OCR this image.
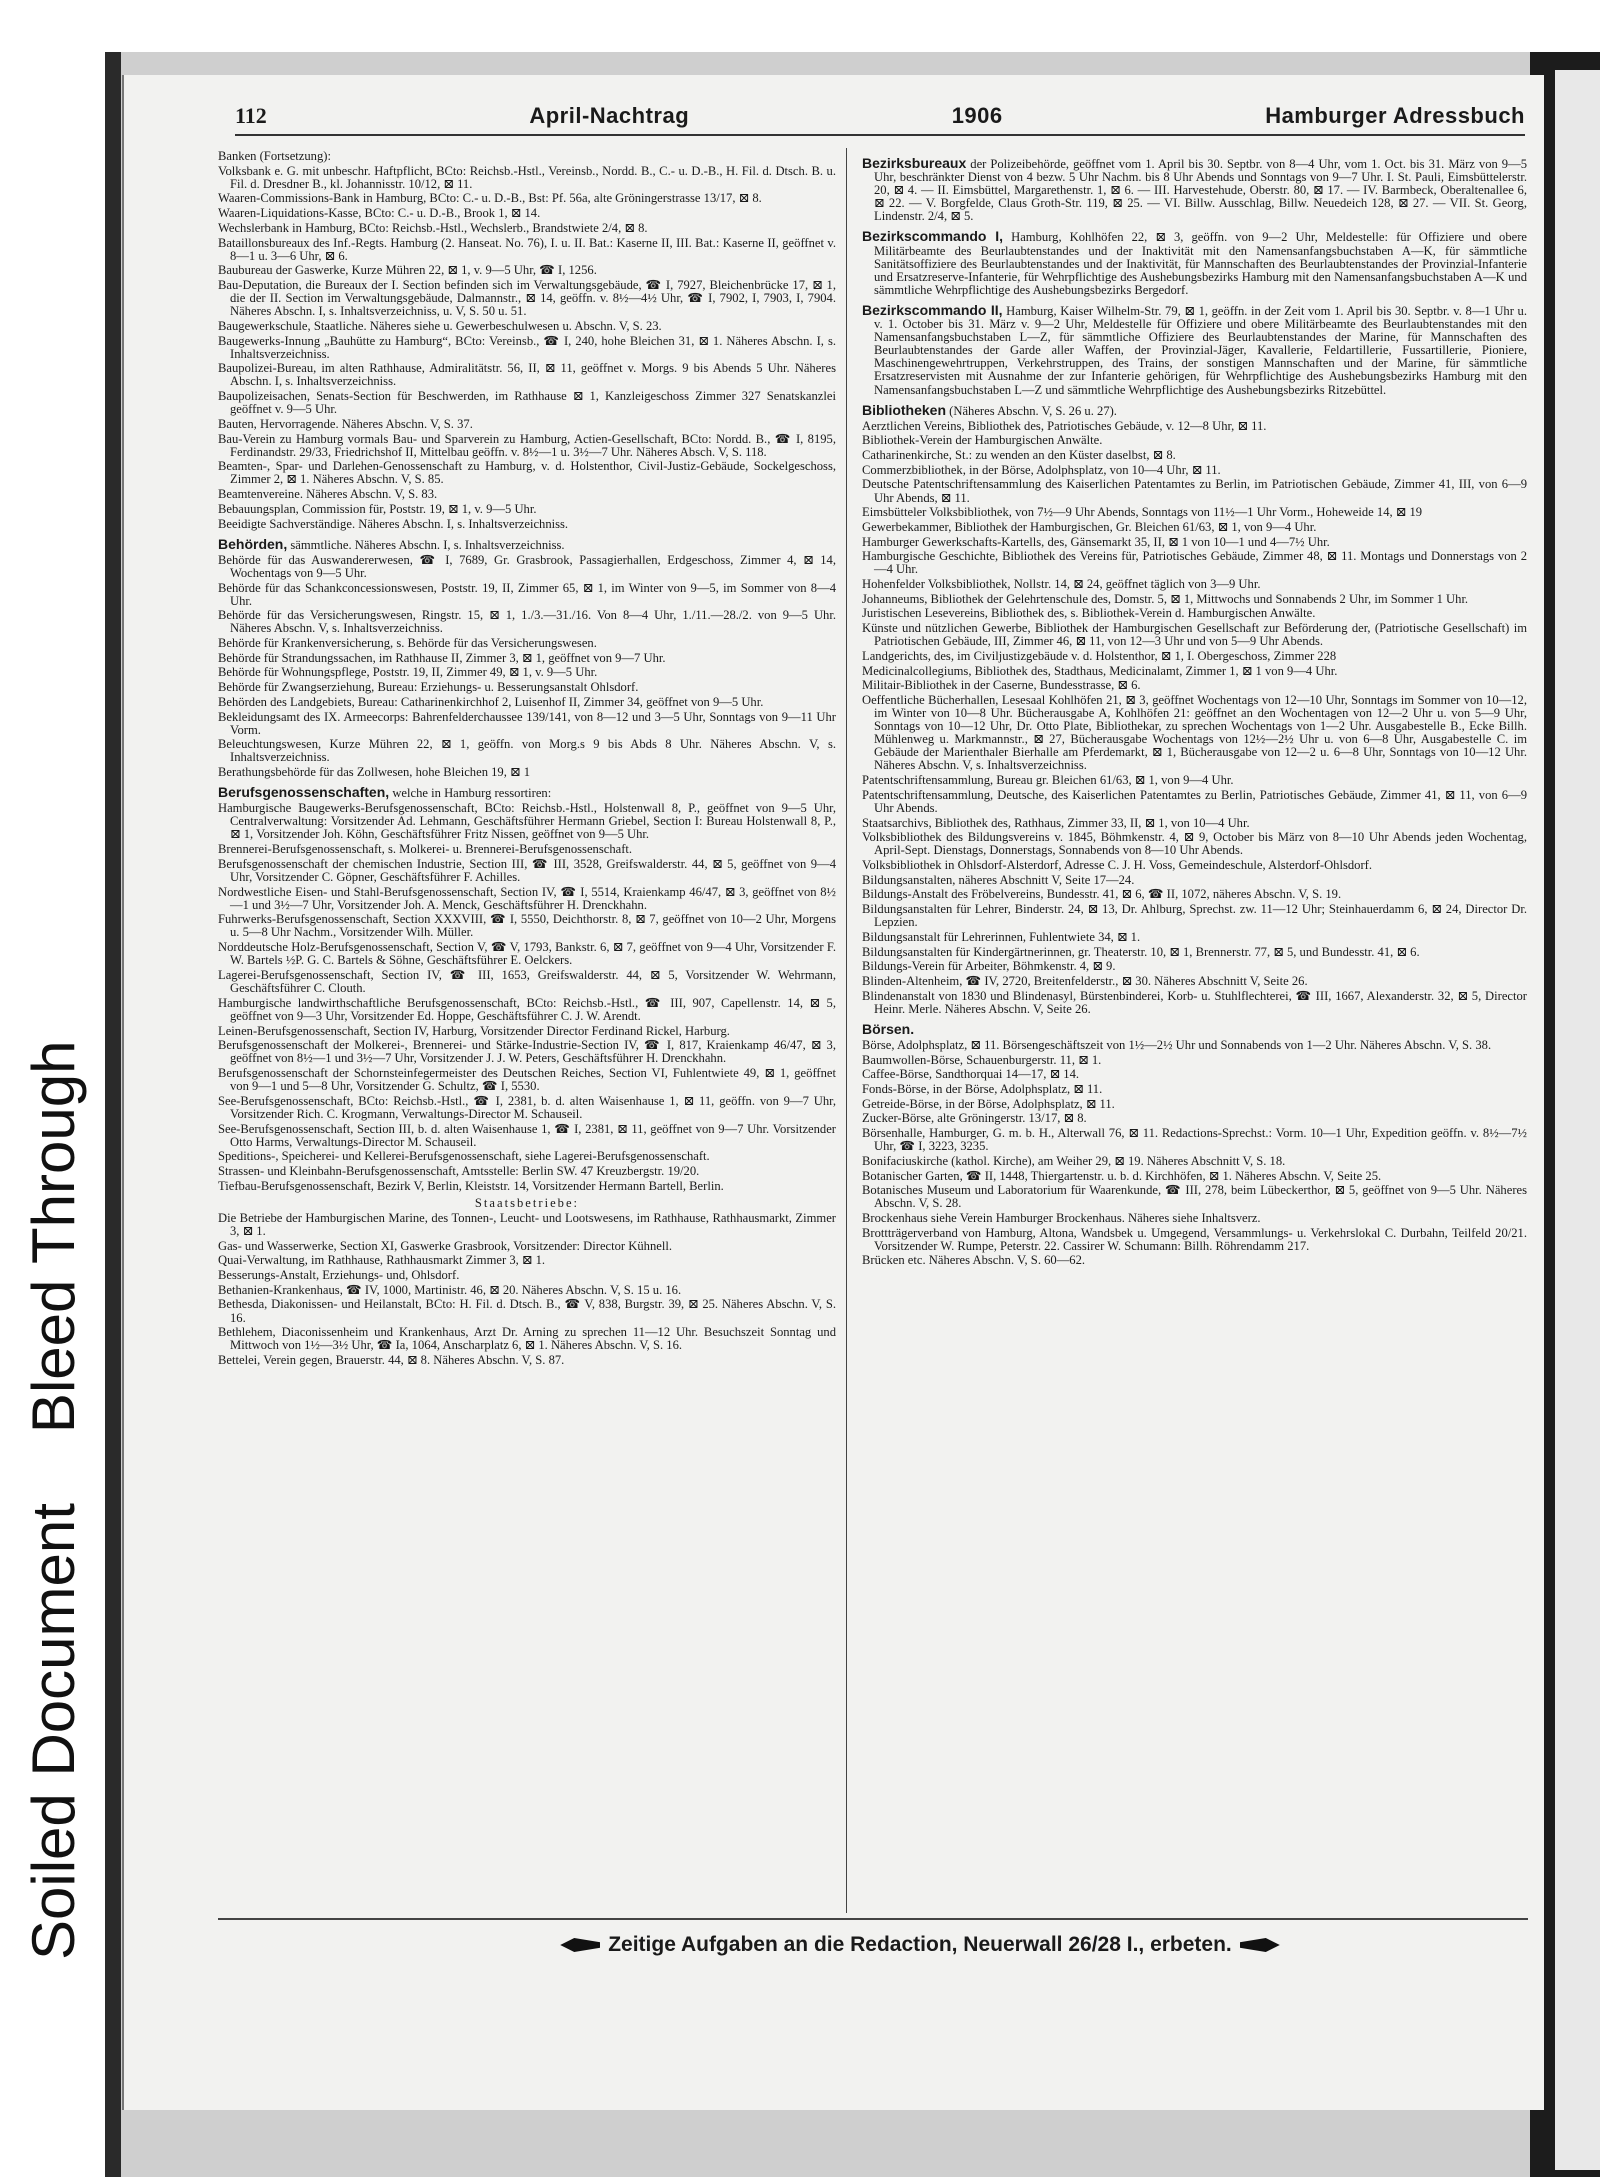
Soiled DocumentBleed Through
112	April-Nachtrag	1906	Hamburger Adressbuch
Banken (Fortsetzung):
Volksbank e. G. mit unbeschr. Haftpflicht, BCto: Reichsb.-Hstl., Vereinsb., Nordd. B., C.- u. D.-B., H. Fil. d. Dtsch. B. u. Fil. d. Dresdner B., kl. Johannisstr. 10/12, ⊠ 11.
Waaren-Commissions-Bank in Hamburg, BCto: C.- u. D.-B., Bst: Pf. 56a, alte Gröningerstrasse 13/17, ⊠ 8.
Waaren-Liquidations-Kasse, BCto: C.- u. D.-B., Brook 1, ⊠ 14.
Wechslerbank in Hamburg, BCto: Reichsb.-Hstl., Wechslerb., Brandstwiete 2/4, ⊠ 8.
Bataillonsbureaux des Inf.-Regts. Hamburg (2. Hanseat. No. 76), I. u. II. Bat.: Kaserne II, III. Bat.: Kaserne II, geöffnet v. 8—1 u. 3—6 Uhr, ⊠ 6.
Baubureau der Gaswerke, Kurze Mühren 22, ⊠ 1, v. 9—5 Uhr, ☎ I, 1256.
Bau-Deputation, die Bureaux der I. Section befinden sich im Verwaltungsgebäude, ☎ I, 7927, Bleichenbrücke 17, ⊠ 1, die der II. Section im Verwaltungsgebäude, Dalmannstr., ⊠ 14, geöffn. v. 8½—4½ Uhr, ☎ I, 7902, I, 7903, I, 7904. Näheres Abschn. I, s. Inhaltsverzeichniss, u. V, S. 50 u. 51.
Baugewerkschule, Staatliche. Näheres siehe u. Gewerbeschulwesen u. Abschn. V, S. 23.
Baugewerks-Innung „Bauhütte zu Hamburg“, BCto: Vereinsb., ☎ I, 240, hohe Bleichen 31, ⊠ 1. Näheres Abschn. I, s. Inhaltsverzeichniss.
Baupolizei-Bureau, im alten Rathhause, Admiralitätstr. 56, II, ⊠ 11, geöffnet v. Morgs. 9 bis Abends 5 Uhr. Näheres Abschn. I, s. Inhaltsverzeichniss.
Baupolizeisachen, Senats-Section für Beschwerden, im Rathhause ⊠ 1, Kanzleigeschoss Zimmer 327 Senatskanzlei geöffnet v. 9—5 Uhr.
Bauten, Hervorragende. Näheres Abschn. V, S. 37.
Bau-Verein zu Hamburg vormals Bau- und Sparverein zu Hamburg, Actien-Gesellschaft, BCto: Nordd. B., ☎ I, 8195, Ferdinandstr. 29/33, Friedrichshof II, Mittelbau geöffn. v. 8½—1 u. 3½—7 Uhr. Näheres Absch. V, S. 118.
Beamten-, Spar- und Darlehen-Genossenschaft zu Hamburg, v. d. Holstenthor, Civil-Justiz-Gebäude, Sockelgeschoss, Zimmer 2, ⊠ 1. Näheres Abschn. V, S. 85.
Beamtenvereine. Näheres Abschn. V, S. 83.
Bebauungsplan, Commission für, Poststr. 19, ⊠ 1, v. 9—5 Uhr.
Beeidigte Sachverständige. Näheres Abschn. I, s. Inhaltsverzeichniss.
Behörden, sämmtliche. Näheres Abschn. I, s. Inhaltsverzeichniss.
Behörde für das Auswandererwesen, ☎ I, 7689, Gr. Grasbrook, Passagierhallen, Erdgeschoss, Zimmer 4, ⊠ 14, Wochentags von 9—5 Uhr.
Behörde für das Schankconcessionswesen, Poststr. 19, II, Zimmer 65, ⊠ 1, im Winter von 9—5, im Sommer von 8—4 Uhr.
Behörde für das Versicherungswesen, Ringstr. 15, ⊠ 1, 1./3.—31./16. Von 8—4 Uhr, 1./11.—28./2. von 9—5 Uhr. Näheres Abschn. V, s. Inhaltsverzeichniss.
Behörde für Krankenversicherung, s. Behörde für das Versicherungswesen.
Behörde für Strandungssachen, im Rathhause II, Zimmer 3, ⊠ 1, geöffnet von 9—7 Uhr.
Behörde für Wohnungspflege, Poststr. 19, II, Zimmer 49, ⊠ 1, v. 9—5 Uhr.
Behörde für Zwangserziehung, Bureau: Erziehungs- u. Besserungsanstalt Ohlsdorf.
Behörden des Landgebiets, Bureau: Catharinenkirchhof 2, Luisenhof II, Zimmer 34, geöffnet von 9—5 Uhr.
Bekleidungsamt des IX. Armeecorps: Bahrenfelderchaussee 139/141, von 8—12 und 3—5 Uhr, Sonntags von 9—11 Uhr Vorm.
Beleuchtungswesen, Kurze Mühren 22, ⊠ 1, geöffn. von Morg.s 9 bis Abds 8 Uhr. Näheres Abschn. V, s. Inhaltsverzeichniss.
Berathungsbehörde für das Zollwesen, hohe Bleichen 19, ⊠ 1
Berufsgenossenschaften, welche in Hamburg ressortiren:
Hamburgische Baugewerks-Berufsgenossenschaft, BCto: Reichsb.-Hstl., Holstenwall 8, P., geöffnet von 9—5 Uhr, Centralverwaltung: Vorsitzender Ad. Lehmann, Geschäftsführer Hermann Griebel, Section I: Bureau Holstenwall 8, P., ⊠ 1, Vorsitzender Joh. Köhn, Geschäftsführer Fritz Nissen, geöffnet von 9—5 Uhr.
Brennerei-Berufsgenossenschaft, s. Molkerei- u. Brennerei-Berufsgenossenschaft.
Berufsgenossenschaft der chemischen Industrie, Section III, ☎ III, 3528, Greifswalderstr. 44, ⊠ 5, geöffnet von 9—4 Uhr, Vorsitzender C. Göpner, Geschäftsführer F. Achilles.
Nordwestliche Eisen- und Stahl-Berufsgenossenschaft, Section IV, ☎ I, 5514, Kraienkamp 46/47, ⊠ 3, geöffnet von 8½—1 und 3½—7 Uhr, Vorsitzender Joh. A. Menck, Geschäftsführer H. Drenckhahn.
Fuhrwerks-Berufsgenossenschaft, Section XXXVIII, ☎ I, 5550, Deichthorstr. 8, ⊠ 7, geöffnet von 10—2 Uhr, Morgens u. 5—8 Uhr Nachm., Vorsitzender Wilh. Müller.
Norddeutsche Holz-Berufsgenossenschaft, Section V, ☎ V, 1793, Bankstr. 6, ⊠ 7, geöffnet von 9—4 Uhr, Vorsitzender F. W. Bartels ½P. G. C. Bartels & Söhne, Geschäftsführer E. Oelckers.
Lagerei-Berufsgenossenschaft, Section IV, ☎ III, 1653, Greifswalderstr. 44, ⊠ 5, Vorsitzender W. Wehrmann, Geschäftsführer C. Clouth.
Hamburgische landwirthschaftliche Berufsgenossenschaft, BCto: Reichsb.-Hstl., ☎ III, 907, Capellenstr. 14, ⊠ 5, geöffnet von 9—3 Uhr, Vorsitzender Ed. Hoppe, Geschäftsführer C. J. W. Arendt.
Leinen-Berufsgenossenschaft, Section IV, Harburg, Vorsitzender Director Ferdinand Rickel, Harburg.
Berufsgenossenschaft der Molkerei-, Brennerei- und Stärke-Industrie-Section IV, ☎ I, 817, Kraienkamp 46/47, ⊠ 3, geöffnet von 8½—1 und 3½—7 Uhr, Vorsitzender J. J. W. Peters, Geschäftsführer H. Drenckhahn.
Berufsgenossenschaft der Schornsteinfegermeister des Deutschen Reiches, Section VI, Fuhlentwiete 49, ⊠ 1, geöffnet von 9—1 und 5—8 Uhr, Vorsitzender G. Schultz, ☎ I, 5530.
See-Berufsgenossenschaft, BCto: Reichsb.-Hstl., ☎ I, 2381, b. d. alten Waisenhause 1, ⊠ 11, geöffn. von 9—7 Uhr, Vorsitzender Rich. C. Krogmann, Verwaltungs-Director M. Schauseil.
See-Berufsgenossenschaft, Section III, b. d. alten Waisenhause 1, ☎ I, 2381, ⊠ 11, geöffnet von 9—7 Uhr. Vorsitzender Otto Harms, Verwaltungs-Director M. Schauseil.
Speditions-, Speicherei- und Kellerei-Berufsgenossenschaft, siehe Lagerei-Berufsgenossenschaft.
Strassen- und Kleinbahn-Berufsgenossenschaft, Amtsstelle: Berlin SW. 47 Kreuzbergstr. 19/20.
Tiefbau-Berufsgenossenschaft, Bezirk V, Berlin, Kleiststr. 14, Vorsitzender Hermann Bartell, Berlin.
Staatsbetriebe:
Die Betriebe der Hamburgischen Marine, des Tonnen-, Leucht- und Lootswesens, im Rathhause, Rathhausmarkt, Zimmer 3, ⊠ 1.
Gas- und Wasserwerke, Section XI, Gaswerke Grasbrook, Vorsitzender: Director Kühnell.
Quai-Verwaltung, im Rathhause, Rathhausmarkt Zimmer 3, ⊠ 1.
Besserungs-Anstalt, Erziehungs- und, Ohlsdorf.
Bethanien-Krankenhaus, ☎ IV, 1000, Martinistr. 46, ⊠ 20. Näheres Abschn. V, S. 15 u. 16.
Bethesda, Diakonissen- und Heilanstalt, BCto: H. Fil. d. Dtsch. B., ☎ V, 838, Burgstr. 39, ⊠ 25. Näheres Abschn. V, S. 16.
Bethlehem, Diaconissenheim und Krankenhaus, Arzt Dr. Arning zu sprechen 11—12 Uhr. Besuchszeit Sonntag und Mittwoch von 1½—3½ Uhr, ☎ Ia, 1064, Anscharplatz 6, ⊠ 1. Näheres Abschn. V, S. 16.
Bettelei, Verein gegen, Brauerstr. 44, ⊠ 8. Näheres Abschn. V, S. 87.
Bezirksbureaux der Polizeibehörde, geöffnet vom 1. April bis 30. Septbr. von 8—4 Uhr, vom 1. Oct. bis 31. März von 9—5 Uhr, beschränkter Dienst von 4 bezw. 5 Uhr Nachm. bis 8 Uhr Abends und Sonntags von 9—7 Uhr. I. St. Pauli, Eimsbüttelerstr. 20, ⊠ 4. — II. Eimsbüttel, Margarethenstr. 1, ⊠ 6. — III. Harvestehude, Oberstr. 80, ⊠ 17. — IV. Barmbeck, Oberaltenallee 6, ⊠ 22. — V. Borgfelde, Claus Groth-Str. 119, ⊠ 25. — VI. Billw. Ausschlag, Billw. Neuedeich 128, ⊠ 27. — VII. St. Georg, Lindenstr. 2/4, ⊠ 5.
Bezirkscommando I, Hamburg, Kohlhöfen 22, ⊠ 3, geöffn. von 9—2 Uhr, Meldestelle: für Offiziere und obere Militärbeamte des Beurlaubtenstandes und der Inaktivität mit den Namensanfangsbuchstaben A—K, für sämmtliche Sanitätsoffiziere des Beurlaubtenstandes und der Inaktivität, für Mannschaften des Beurlaubtenstandes der Provinzial-Infanterie und Ersatzreserve-Infanterie, für Wehrpflichtige des Aushebungsbezirks Hamburg mit den Namensanfangsbuchstaben A—K und sämmtliche Wehrpflichtige des Aushebungsbezirks Bergedorf.
Bezirkscommando II, Hamburg, Kaiser Wilhelm-Str. 79, ⊠ 1, geöffn. in der Zeit vom 1. April bis 30. Septbr. v. 8—1 Uhr u. v. 1. October bis 31. März v. 9—2 Uhr, Meldestelle für Offiziere und obere Militärbeamte des Beurlaubtenstandes mit den Namensanfangsbuchstaben L—Z, für sämmtliche Offiziere des Beurlaubtenstandes der Marine, für Mannschaften des Beurlaubtenstandes der Garde aller Waffen, der Provinzial-Jäger, Kavallerie, Feldartillerie, Fussartillerie, Pioniere, Maschinengewehrtruppen, Verkehrstruppen, des Trains, der sonstigen Mannschaften und der Marine, für sämmtliche Ersatzreservisten mit Ausnahme der zur Infanterie gehörigen, für Wehrpflichtige des Aushebungsbezirks Hamburg mit den Namensanfangsbuchstaben L—Z und sämmtliche Wehrpflichtige des Aushebungsbezirks Ritzebüttel.
Bibliotheken (Näheres Abschn. V, S. 26 u. 27).
Aerztlichen Vereins, Bibliothek des, Patriotisches Gebäude, v. 12—8 Uhr, ⊠ 11.
Bibliothek-Verein der Hamburgischen Anwälte.
Catharinenkirche, St.: zu wenden an den Küster daselbst, ⊠ 8.
Commerzbibliothek, in der Börse, Adolphsplatz, von 10—4 Uhr, ⊠ 11.
Deutsche Patentschriftensammlung des Kaiserlichen Patentamtes zu Berlin, im Patriotischen Gebäude, Zimmer 41, III, von 6—9 Uhr Abends, ⊠ 11.
Eimsbütteler Volksbibliothek, von 7½—9 Uhr Abends, Sonntags von 11½—1 Uhr Vorm., Hoheweide 14, ⊠ 19
Gewerbekammer, Bibliothek der Hamburgischen, Gr. Bleichen 61/63, ⊠ 1, von 9—4 Uhr.
Hamburger Gewerkschafts-Kartells, des, Gänsemarkt 35, II, ⊠ 1 von 10—1 und 4—7½ Uhr.
Hamburgische Geschichte, Bibliothek des Vereins für, Patriotisches Gebäude, Zimmer 48, ⊠ 11. Montags und Donnerstags von 2—4 Uhr.
Hohenfelder Volksbibliothek, Nollstr. 14, ⊠ 24, geöffnet täglich von 3—9 Uhr.
Johanneums, Bibliothek der Gelehrtenschule des, Domstr. 5, ⊠ 1, Mittwochs und Sonnabends 2 Uhr, im Sommer 1 Uhr.
Juristischen Lesevereins, Bibliothek des, s. Bibliothek-Verein d. Hamburgischen Anwälte.
Künste und nützlichen Gewerbe, Bibliothek der Hamburgischen Gesellschaft zur Beförderung der, (Patriotische Gesellschaft) im Patriotischen Gebäude, III, Zimmer 46, ⊠ 11, von 12—3 Uhr und von 5—9 Uhr Abends.
Landgerichts, des, im Civiljustizgebäude v. d. Holstenthor, ⊠ 1, I. Obergeschoss, Zimmer 228
Medicinalcollegiums, Bibliothek des, Stadthaus, Medicinalamt, Zimmer 1, ⊠ 1 von 9—4 Uhr.
Militair-Bibliothek in der Caserne, Bundesstrasse, ⊠ 6.
Oeffentliche Bücherhallen, Lesesaal Kohlhöfen 21, ⊠ 3, geöffnet Wochentags von 12—10 Uhr, Sonntags im Sommer von 10—12, im Winter von 10—8 Uhr. Bücherausgabe A, Kohlhöfen 21: geöffnet an den Wochentagen von 12—2 Uhr u. von 5—9 Uhr, Sonntags von 10—12 Uhr, Dr. Otto Plate, Bibliothekar, zu sprechen Wochentags von 1—2 Uhr. Ausgabestelle B., Ecke Billh. Mühlenweg u. Markmannstr., ⊠ 27, Bücherausgabe Wochentags von 12½—2½ Uhr u. von 6—8 Uhr, Ausgabestelle C. im Gebäude der Marienthaler Bierhalle am Pferdemarkt, ⊠ 1, Bücherausgabe von 12—2 u. 6—8 Uhr, Sonntags von 10—12 Uhr. Näheres Abschn. V, s. Inhaltsverzeichniss.
Patentschriftensammlung, Bureau gr. Bleichen 61/63, ⊠ 1, von 9—4 Uhr.
Patentschriftensammlung, Deutsche, des Kaiserlichen Patentamtes zu Berlin, Patriotisches Gebäude, Zimmer 41, ⊠ 11, von 6—9 Uhr Abends.
Staatsarchivs, Bibliothek des, Rathhaus, Zimmer 33, II, ⊠ 1, von 10—4 Uhr.
Volksbibliothek des Bildungsvereins v. 1845, Böhmkenstr. 4, ⊠ 9, October bis März von 8—10 Uhr Abends jeden Wochentag, April-Sept. Dienstags, Donnerstags, Sonnabends von 8—10 Uhr Abends.
Volksbibliothek in Ohlsdorf-Alsterdorf, Adresse C. J. H. Voss, Gemeindeschule, Alsterdorf-Ohlsdorf.
Bildungsanstalten, näheres Abschnitt V, Seite 17—24.
Bildungs-Anstalt des Fröbelvereins, Bundesstr. 41, ⊠ 6, ☎ II, 1072, näheres Abschn. V, S. 19.
Bildungsanstalten für Lehrer, Binderstr. 24, ⊠ 13, Dr. Ahlburg, Sprechst. zw. 11—12 Uhr; Steinhauerdamm 6, ⊠ 24, Director Dr. Lepzien.
Bildungsanstalt für Lehrerinnen, Fuhlentwiete 34, ⊠ 1.
Bildungsanstalten für Kindergärtnerinnen, gr. Theaterstr. 10, ⊠ 1, Brennerstr. 77, ⊠ 5, und Bundesstr. 41, ⊠ 6.
Bildungs-Verein für Arbeiter, Böhmkenstr. 4, ⊠ 9.
Blinden-Altenheim, ☎ IV, 2720, Breitenfelderstr., ⊠ 30. Näheres Abschnitt V, Seite 26.
Blindenanstalt von 1830 und Blindenasyl, Bürstenbinderei, Korb- u. Stuhlflechterei, ☎ III, 1667, Alexanderstr. 32, ⊠ 5, Director Heinr. Merle. Näheres Abschn. V, Seite 26.
Börsen.
Börse, Adolphsplatz, ⊠ 11. Börsengeschäftszeit von 1½—2½ Uhr und Sonnabends von 1—2 Uhr. Näheres Abschn. V, S. 38.
Baumwollen-Börse, Schauenburgerstr. 11, ⊠ 1.
Caffee-Börse, Sandthorquai 14—17, ⊠ 14.
Fonds-Börse, in der Börse, Adolphsplatz, ⊠ 11.
Getreide-Börse, in der Börse, Adolphsplatz, ⊠ 11.
Zucker-Börse, alte Gröningerstr. 13/17, ⊠ 8.
Börsenhalle, Hamburger, G. m. b. H., Alterwall 76, ⊠ 11. Redactions-Sprechst.: Vorm. 10—1 Uhr, Expedition geöffn. v. 8½—7½ Uhr, ☎ I, 3223, 3235.
Bonifaciuskirche (kathol. Kirche), am Weiher 29, ⊠ 19. Näheres Abschnitt V, S. 18.
Botanischer Garten, ☎ II, 1448, Thiergartenstr. u. b. d. Kirchhöfen, ⊠ 1. Näheres Abschn. V, Seite 25.
Botanisches Museum und Laboratorium für Waarenkunde, ☎ III, 278, beim Lübeckerthor, ⊠ 5, geöffnet von 9—5 Uhr. Näheres Abschn. V, S. 28.
Brockenhaus siehe Verein Hamburger Brockenhaus. Näheres siehe Inhaltsverz.
Brottträgerverband von Hamburg, Altona, Wandsbek u. Umgegend, Versammlungs- u. Verkehrslokal C. Durbahn, Teilfeld 20/21. Vorsitzender W. Rumpe, Peterstr. 22. Cassirer W. Schumann: Billh. Röhrendamm 217.
Brücken etc. Näheres Abschn. V, S. 60—62.
Zeitige Aufgaben an die Redaction, Neuerwall 26/28 I., erbeten.
